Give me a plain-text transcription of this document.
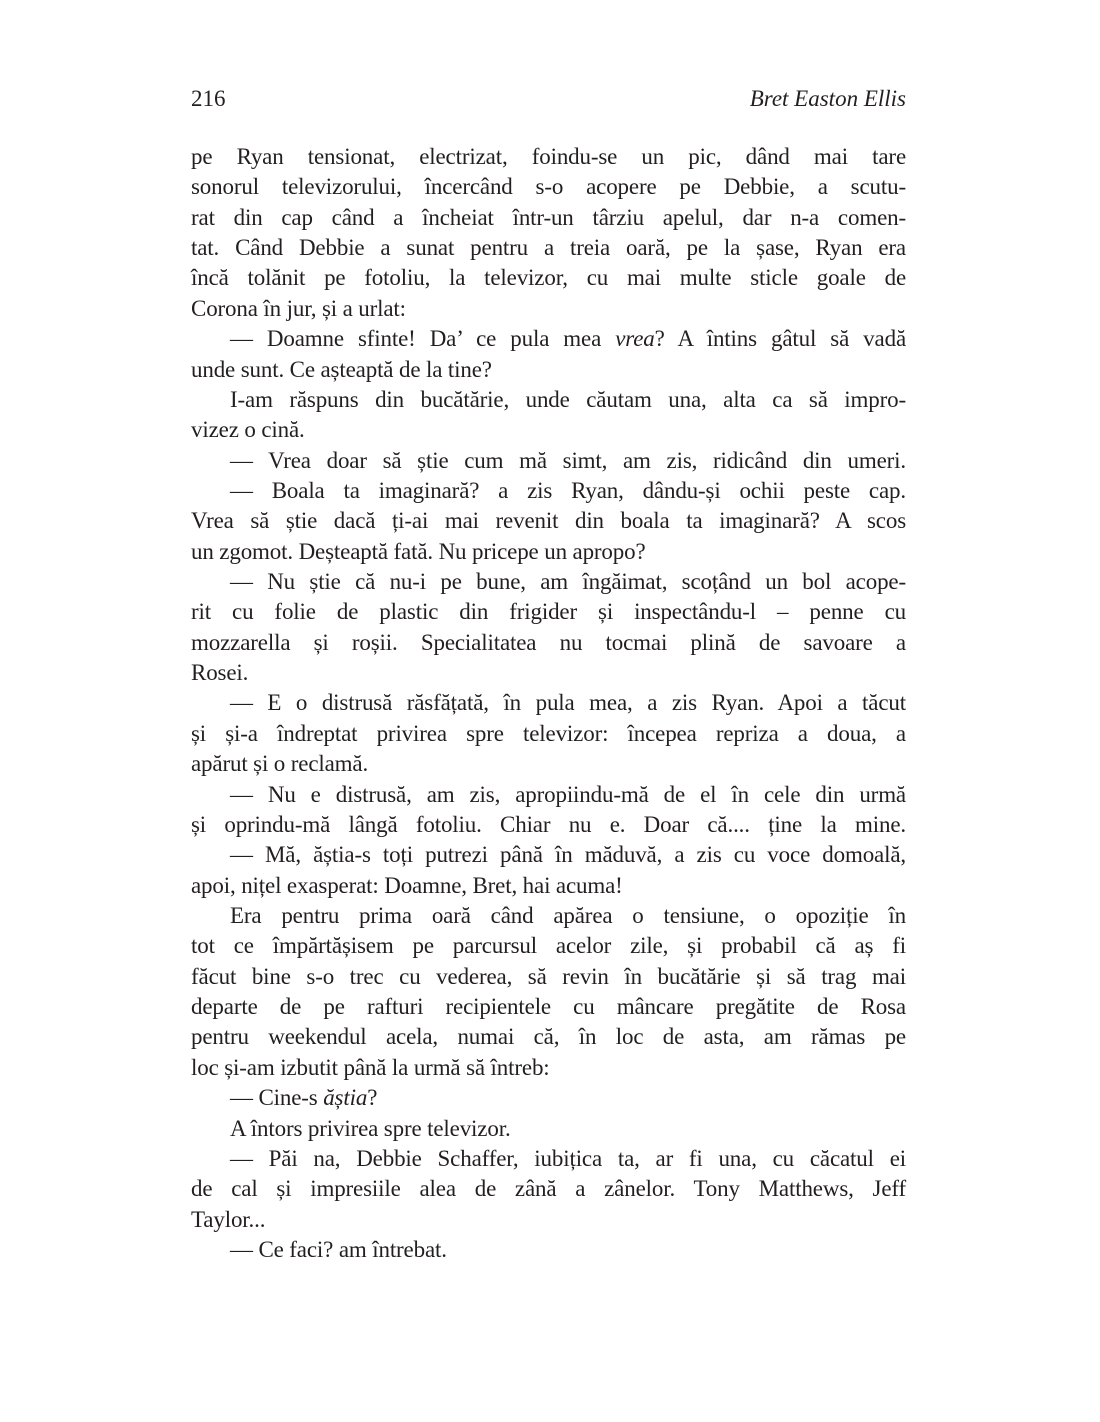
216	Bret Easton Ellis
pe Ryan tensionat, electrizat, foindu-se un pic, dând mai tare
sonorul televizorului, încercând s-o acopere pe Debbie, a scutu-
rat din cap când a încheiat într-un târziu apelul, dar n-a comen-
tat. Când Debbie a sunat pentru a treia oară, pe la șase, Ryan era
încă tolănit pe fotoliu, la televizor, cu mai multe sticle goale de
Corona în jur, și a urlat:
— Doamne sfinte! Da’ ce pula mea vrea? A întins gâtul să vadă
unde sunt. Ce așteaptă de la tine?
I-am răspuns din bucătărie, unde căutam una, alta ca să impro-
vizez o cină.
— Vrea doar să știe cum mă simt, am zis, ridicând din umeri.
— Boala ta imaginară? a zis Ryan, dându-și ochii peste cap.
Vrea să știe dacă ți-ai mai revenit din boala ta imaginară? A scos
un zgomot. Deșteaptă fată. Nu pricepe un apropo?
— Nu știe că nu-i pe bune, am îngăimat, scoțând un bol acope-
rit cu folie de plastic din frigider și inspectându-l – penne cu
mozzarella și roșii. Specialitatea nu tocmai plină de savoare a
Rosei.
— E o distrusă răsfățată, în pula mea, a zis Ryan. Apoi a tăcut
și și-a îndreptat privirea spre televizor: începea repriza a doua, a
apărut și o reclamă.
— Nu e distrusă, am zis, apropiindu-mă de el în cele din urmă
și oprindu-mă lângă fotoliu. Chiar nu e. Doar că.... ține la mine.
— Mă, ăștia-s toți putrezi până în măduvă, a zis cu voce domoală,
apoi, nițel exasperat: Doamne, Bret, hai acuma!
Era pentru prima oară când apărea o tensiune, o opoziție în
tot ce împărtășisem pe parcursul acelor zile, și probabil că aș fi
făcut bine s-o trec cu vederea, să revin în bucătărie și să trag mai
departe de pe rafturi recipientele cu mâncare pregătite de Rosa
pentru weekendul acela, numai că, în loc de asta, am rămas pe
loc și-am izbutit până la urmă să întreb:
— Cine-s ăștia?
A întors privirea spre televizor.
— Păi na, Debbie Schaffer, iubițica ta, ar fi una, cu căcatul ei
de cal și impresiile alea de zână a zânelor. Tony Matthews, Jeff
Taylor...
— Ce faci? am întrebat.
